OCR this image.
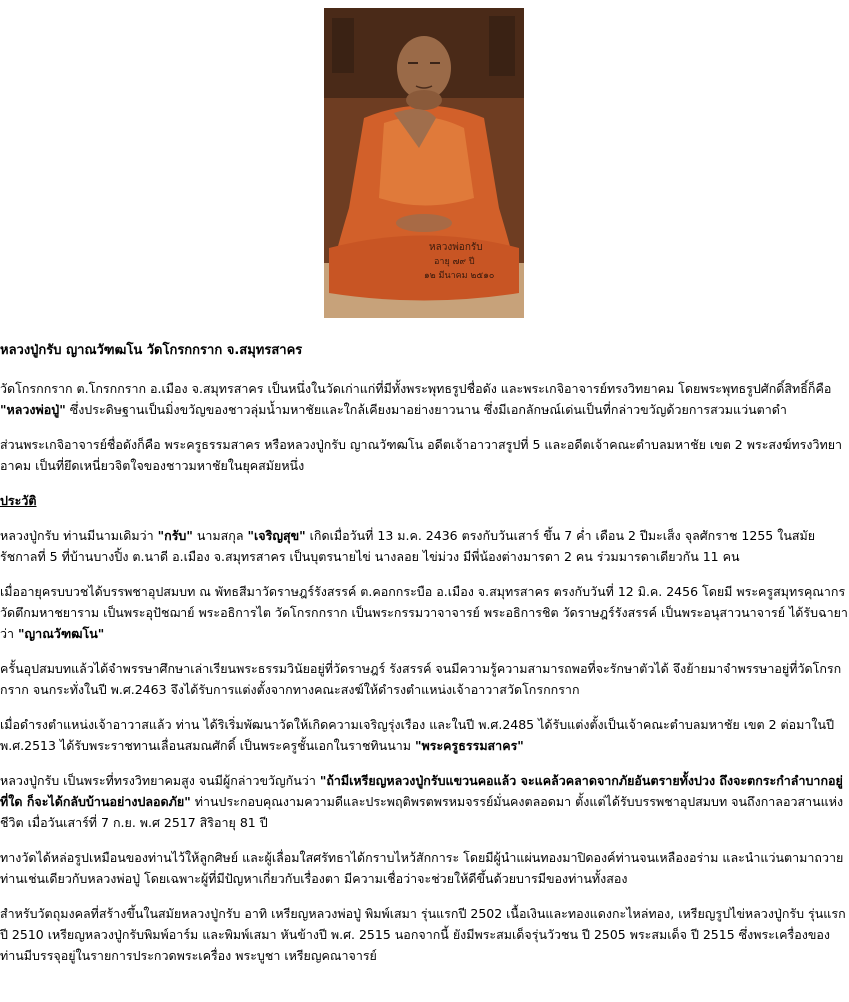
หลวงพ่อกรับ
อายุ ๗๙ ปี
๑๒ มีนาคม ๒๕๑๐
หลวงปู่กรับ ญาณวัฑฒโน วัดโกรกกราก จ.สมุทรสาคร

วัดโกรกกราก ต.โกรกกราก อ.เมือง จ.สมุทรสาคร เป็นหนึ่งในวัดเก่าแก่ที่มีทั้งพระพุทธรูปชื่อดัง และพระเกจิอาจารย์ทรงวิทยาคม โดยพระพุทธรูปศักดิ์สิทธิ์ก็คือ "หลวงพ่อปู่" ซึ่งประดิษฐานเป็นมิ่งขวัญของชาวลุ่มน้ำมหาชัยและใกล้เคียงมาอย่างยาวนาน ซึ่งมีเอกลักษณ์เด่นเป็นที่กล่าวขวัญด้วยการสวมแว่นตาดำ

ส่วนพระเกจิอาจารย์ชื่อดังก็คือ พระครูธรรมสาคร หรือหลวงปู่กรับ ญาณวัฑฒโน อดีตเจ้าอาวาสรูปที่ 5 และอดีตเจ้าคณะตำบลมหาชัย เขต 2 พระสงฆ์ทรงวิทยาอาคม เป็นที่ยึดเหนี่ยวจิตใจของชาวมหาชัยในยุคสมัยหนึ่ง

ประวัติ

หลวงปู่กรับ ท่านมีนามเดิมว่า "กรับ" นามสกุล "เจริญสุข" เกิดเมื่อวันที่ 13 ม.ค. 2436 ตรงกับวันเสาร์ ขึ้น 7 ค่ำ เดือน 2 ปีมะเส็ง จุลศักราช 1255 ในสมัยรัชกาลที่ 5 ที่บ้านบางปิ้ง ต.นาดี อ.เมือง จ.สมุทรสาคร เป็นบุตรนายไข่ นางลอย ไข่ม่วง มีพี่น้องต่างมารดา 2 คน ร่วมมารดาเดียวกัน 11 คน

เมื่ออายุครบบวชได้บรรพชาอุปสมบท ณ พัทธสีมาวัดราษฎร์รังสรรค์ ต.คอกกระบือ อ.เมือง จ.สมุทรสาคร ตรงกับวันที่ 12 มิ.ค. 2456 โดยมี พระครูสมุทรคุณากร วัดตึกมหาชยาราม เป็นพระอุปัชฌาย์ พระอธิการไต วัดโกรกกราก เป็นพระกรรมวาจาจารย์ พระอธิการชิต วัดราษฎร์รังสรรค์ เป็นพระอนุสาวนาจารย์ ได้รับฉายาว่า "ญาณวัฑฒโน"

ครั้นอุปสมบทแล้วได้จำพรรษาศึกษาเล่าเรียนพระธรรมวินัยอยู่ที่วัดราษฎร์ รังสรรค์ จนมีความรู้ความสามารถพอที่จะรักษาตัวได้ จึงย้ายมาจำพรรษาอยู่ที่วัดโกรกกราก จนกระทั่งในปี พ.ศ.2463 จึงได้รับการแต่งตั้งจากทางคณะสงฆ์ให้ดำรงตำแหน่งเจ้าอาวาสวัดโกรกกราก

เมื่อดำรงตำแหน่งเจ้าอาวาสแล้ว ท่าน ได้ริเริ่มพัฒนาวัดให้เกิดความเจริญรุ่งเรือง และในปี พ.ศ.2485 ได้รับแต่งตั้งเป็นเจ้าคณะตำบลมหาชัย เขต 2 ต่อมาในปี พ.ศ.2513 ได้รับพระราชทานเลื่อนสมณศักดิ์ เป็นพระครูชั้นเอกในราชทินนาม "พระครูธรรมสาคร"

หลวงปู่กรับ เป็นพระที่ทรงวิทยาคมสูง จนมีผู้กล่าวขวัญกันว่า "ถ้ามีเหรียญหลวงปู่กรับแขวนคอแล้ว จะแคล้วคลาดจากภัยอันตรายทั้งปวง ถึงจะตกระกำลำบากอยู่ที่ใด ก็จะได้กลับบ้านอย่างปลอดภัย" ท่านประกอบคุณงามความดีและประพฤติพรตพรหมจรรย์มั่นคงตลอดมา ตั้งแต่ได้รับบรรพชาอุปสมบท จนถึงกาลอวสานแห่งชีวิต เมื่อวันเสาร์ที่ 7 ก.ย. พ.ศ 2517 สิริอายุ 81 ปี

ทางวัดได้หล่อรูปเหมือนของท่านไว้ให้ลูกศิษย์ และผู้เลื่อมใสศรัทธาได้กราบไหว้สักการะ โดยมีผู้นำแผ่นทองมาปิดองค์ท่านจนเหลืองอร่าม และนำแว่นตามาถวายท่านเช่นเดียวกับหลวงพ่อปู่ โดยเฉพาะผู้ที่มีปัญหาเกี่ยวกับเรื่องตา มีความเชื่อว่าจะช่วยให้ดีขึ้นด้วยบารมีของท่านทั้งสอง

สำหรับวัตถุมงคลที่สร้างขึ้นในสมัยหลวงปู่กรับ อาทิ เหรียญหลวงพ่อปู่ พิมพ์เสมา รุ่นแรกปี 2502 เนื้อเงินและทองแดงกะไหล่ทอง, เหรียญรูปไข่หลวงปู่กรับ รุ่นแรก ปี 2510 เหรียญหลวงปู่กรับพิมพ์อาร์ม และพิมพ์เสมา หันข้างปี พ.ศ. 2515 นอกจากนี้ ยังมีพระสมเด็จรุ่นวัวชน ปี 2505 พระสมเด็จ ปี 2515 ซึ่งพระเครื่องของท่านมีบรรจุอยู่ในรายการประกวดพระเครื่อง พระบูชา เหรียญคณาจารย์
